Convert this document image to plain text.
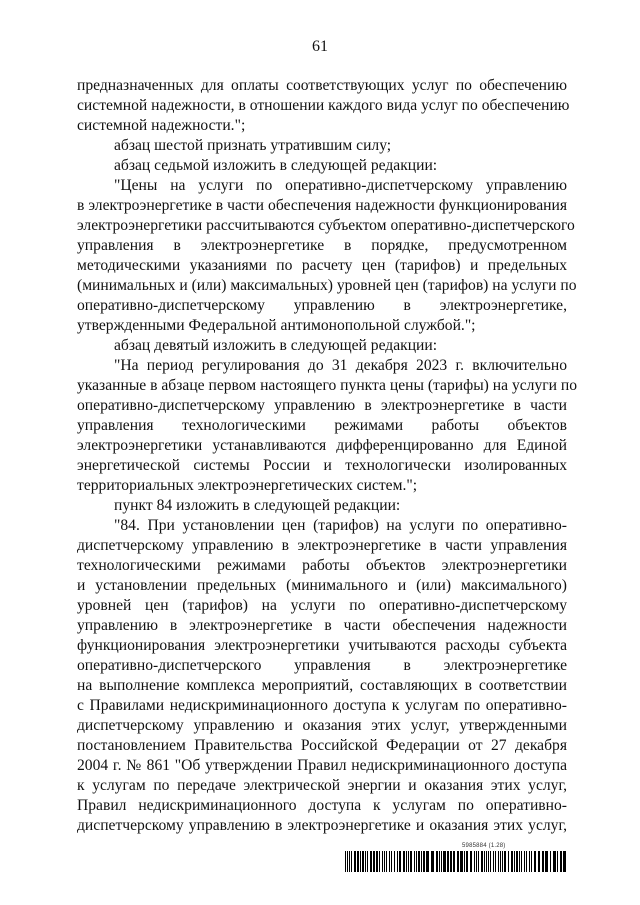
61
предназначенных для оплаты соответствующих услуг по обеспечению
системной надежности, в отношении каждого вида услуг по обеспечению
системной надежности.";
абзац шестой признать утратившим силу;
абзац седьмой изложить в следующей редакции:
"Цены на услуги по оперативно-диспетчерскому управлению
в электроэнергетике в части обеспечения надежности функционирования
электроэнергетики рассчитываются субъектом оперативно-диспетчерского
управления в электроэнергетике в порядке, предусмотренном
методическими указаниями по расчету цен (тарифов) и предельных
(минимальных и (или) максимальных) уровней цен (тарифов) на услуги по
оперативно-диспетчерскому управлению в электроэнергетике,
утвержденными Федеральной антимонопольной службой.";
абзац девятый изложить в следующей редакции:
"На период регулирования до 31 декабря 2023 г. включительно
указанные в абзаце первом настоящего пункта цены (тарифы) на услуги по
оперативно-диспетчерскому управлению в электроэнергетике в части
управления технологическими режимами работы объектов
электроэнергетики устанавливаются дифференцированно для Единой
энергетической системы России и технологически изолированных
территориальных электроэнергетических систем.";
пункт 84 изложить в следующей редакции:
"84. При установлении цен (тарифов) на услуги по оперативно-
диспетчерскому управлению в электроэнергетике в части управления
технологическими режимами работы объектов электроэнергетики
и установлении предельных (минимального и (или) максимального)
уровней цен (тарифов) на услуги по оперативно-диспетчерскому
управлению в электроэнергетике в части обеспечения надежности
функционирования электроэнергетики учитываются расходы субъекта
оперативно-диспетчерского управления в электроэнергетике
на выполнение комплекса мероприятий, составляющих в соответствии
с Правилами недискриминационного доступа к услугам по оперативно-
диспетчерскому управлению и оказания этих услуг, утвержденными
постановлением Правительства Российской Федерации от 27 декабря
2004 г. № 861 "Об утверждении Правил недискриминационного доступа
к услугам по передаче электрической энергии и оказания этих услуг,
Правил недискриминационного доступа к услугам по оперативно-
диспетчерскому управлению в электроэнергетике и оказания этих услуг,
5985884 (1.28)
